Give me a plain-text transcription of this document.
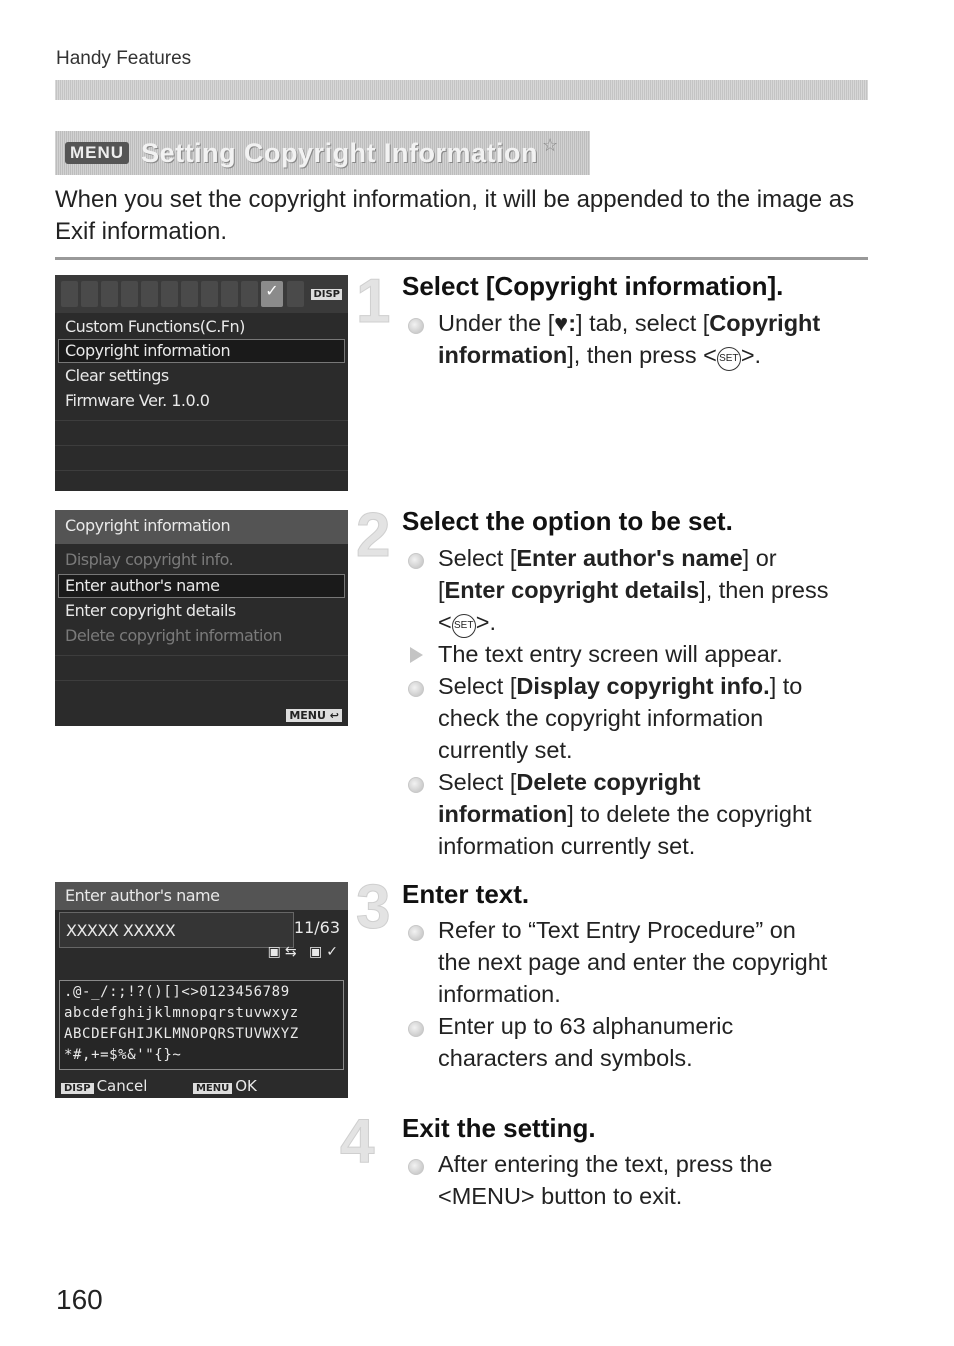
Handy Features
MENU Setting Copyright Information ☆
When you set the copyright information, it will be appended to the image as Exif information.
✓	DISP
Custom Functions(C.Fn)
Copyright information
Clear settings
Firmware Ver. 1.0.0
Copyright information
Display copyright info.
Enter author's name
Enter copyright details
Delete copyright information
MENU ↩
Enter author's name
XXXXX XXXXX	11/63
▣⇆ ▣✓
.@-_/:;!?()[]<>0123456789
abcdefghijklmnopqrstuvwxyz
ABCDEFGHIJKLMNOPQRSTUVWXYZ
*#,+=$%&'"{}~
DISP Cancel	MENU OK
1 Select [Copyright information].
Under the [♥:] tab, select [Copyright
information], then press < SET>.
2 Select the option to be set.
Select [Enter author's name] or
[Enter copyright details], then press
< SET>.
The text entry screen will appear.
Select [Display copyright info.] to
check the copyright information
currently set.
Select [Delete copyright
information] to delete the copyright
information currently set.
3 Enter text.
Refer to “Text Entry Procedure” on
the next page and enter the copyright
information.
Enter up to 63 alphanumeric
characters and symbols.
4 Exit the setting.
After entering the text, press the
<MENU> button to exit.
160
